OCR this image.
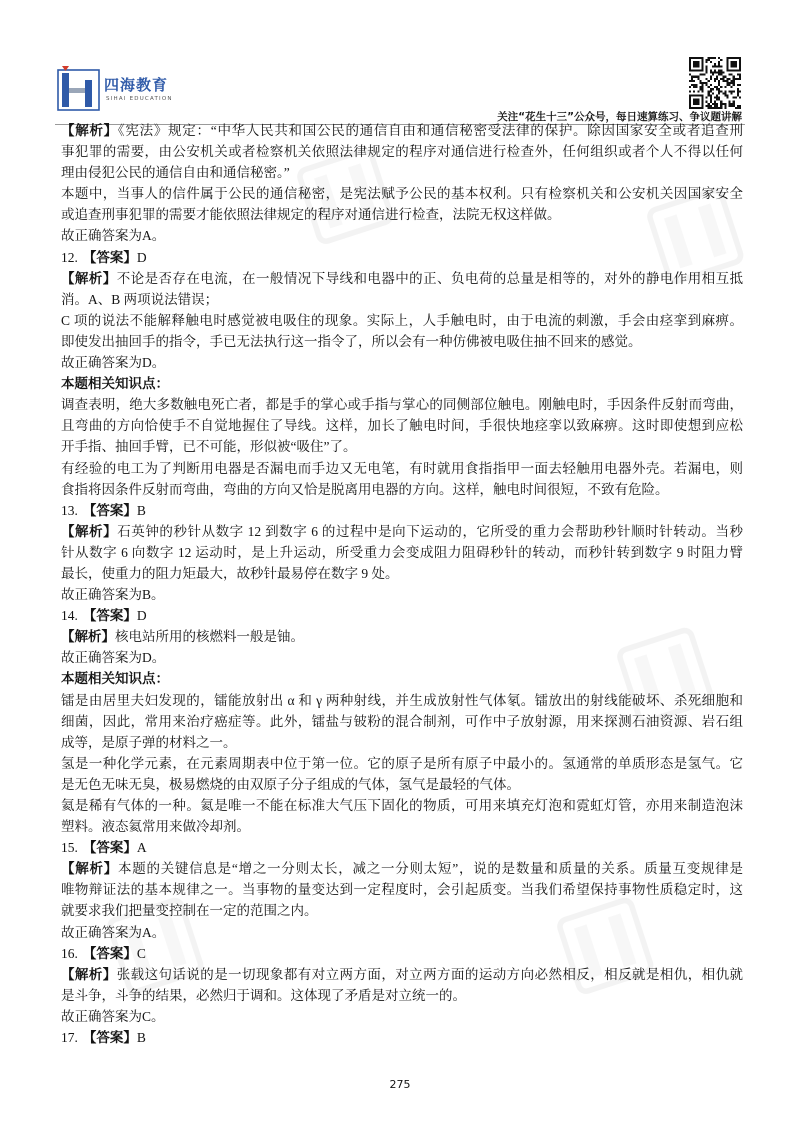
四海教育
SIHAI EDUCATION
关注“花生十三”公众号，每日速算练习、争议题讲解
【解析】《宪法》规定：“中华人民共和国公民的通信自由和通信秘密受法律的保护。除因国家安全或者追查刑
事犯罪的需要，由公安机关或者检察机关依照法律规定的程序对通信进行检查外，任何组织或者个人不得以任何
理由侵犯公民的通信自由和通信秘密。”
本题中，当事人的信件属于公民的通信秘密，是宪法赋予公民的基本权利。只有检察机关和公安机关因国家安全
或追查刑事犯罪的需要才能依照法律规定的程序对通信进行检查，法院无权这样做。
故正确答案为A。
12. 【答案】D
【解析】不论是否存在电流，在一般情况下导线和电器中的正、负电荷的总量是相等的，对外的静电作用相互抵
消。A、B 两项说法错误；
C 项的说法不能解释触电时感觉被电吸住的现象。实际上，人手触电时，由于电流的刺激，手会由痉挛到麻痹。
即使发出抽回手的指令，手已无法执行这一指令了，所以会有一种仿佛被电吸住抽不回来的感觉。
故正确答案为D。
本题相关知识点：
调查表明，绝大多数触电死亡者，都是手的掌心或手指与掌心的同侧部位触电。刚触电时，手因条件反射而弯曲，
且弯曲的方向恰使手不自觉地握住了导线。这样，加长了触电时间，手很快地痉挛以致麻痹。这时即使想到应松
开手指、抽回手臂，已不可能，形似被“吸住”了。
有经验的电工为了判断用电器是否漏电而手边又无电笔，有时就用食指指甲一面去轻触用电器外壳。若漏电，则
食指将因条件反射而弯曲，弯曲的方向又恰是脱离用电器的方向。这样，触电时间很短，不致有危险。
13. 【答案】B
【解析】石英钟的秒针从数字 12 到数字 6 的过程中是向下运动的，它所受的重力会帮助秒针顺时针转动。当秒
针从数字 6 向数字 12 运动时，是上升运动，所受重力会变成阻力阻碍秒针的转动，而秒针转到数字 9 时阻力臂
最长，使重力的阻力矩最大，故秒针最易停在数字 9 处。
故正确答案为B。
14. 【答案】D
【解析】核电站所用的核燃料一般是铀。
故正确答案为D。
本题相关知识点：
镭是由居里夫妇发现的，镭能放射出 α 和 γ 两种射线，并生成放射性气体氡。镭放出的射线能破坏、杀死细胞和
细菌，因此，常用来治疗癌症等。此外，镭盐与铍粉的混合制剂，可作中子放射源，用来探测石油资源、岩石组
成等，是原子弹的材料之一。
氢是一种化学元素，在元素周期表中位于第一位。它的原子是所有原子中最小的。氢通常的单质形态是氢气。它
是无色无味无臭，极易燃烧的由双原子分子组成的气体，氢气是最轻的气体。
氦是稀有气体的一种。氦是唯一不能在标准大气压下固化的物质，可用来填充灯泡和霓虹灯管，亦用来制造泡沫
塑料。液态氦常用来做冷却剂。
15. 【答案】A
【解析】本题的关键信息是“增之一分则太长，减之一分则太短”，说的是数量和质量的关系。质量互变规律是
唯物辩证法的基本规律之一。当事物的量变达到一定程度时，会引起质变。当我们希望保持事物性质稳定时，这
就要求我们把量变控制在一定的范围之内。
故正确答案为A。
16. 【答案】C
【解析】张载这句话说的是一切现象都有对立两方面，对立两方面的运动方向必然相反，相反就是相仇，相仇就
是斗争，斗争的结果，必然归于调和。这体现了矛盾是对立统一的。
故正确答案为C。
17. 【答案】B
275
